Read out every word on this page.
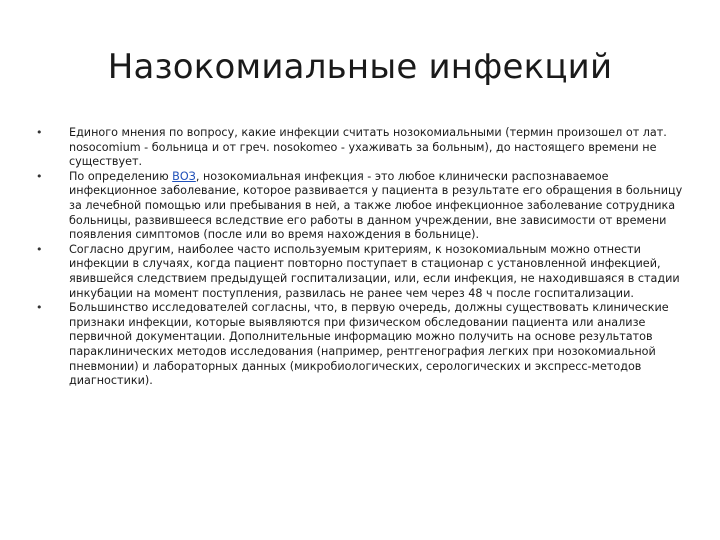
Назокомиальные инфекций
•	Единого мнения по вопросу, какие инфекции считать нозокомиальными (термин произошел от лат. nosocomium - больница и от греч. nosokomeo - ухаживать за больным), до настоящего времени не существует.
•	По определению ВОЗ, нозокомиальная инфекция - это любое клинически распознаваемое инфекционное заболевание, которое развивается у пациента в результате его обращения в больницу за лечебной помощью или пребывания в ней, а также любое инфекционное заболевание сотрудника больницы, развившееся вследствие его работы в данном учреждении, вне зависимости от времени появления симптомов (после или во время нахождения в больнице).
•	Согласно другим, наиболее часто используемым критериям, к нозокомиальным можно отнести инфекции в случаях, когда пациент повторно поступает в стационар с установленной инфекцией, явившейся следствием предыдущей госпитализации, или, если инфекция, не находившаяся в стадии инкубации на момент поступления, развилась не ранее чем через 48 ч после госпитализации.
•	Большинство исследователей согласны, что, в первую очередь, должны существовать клинические признаки инфекции, которые выявляются при физическом обследовании пациента или анализе первичной документации. Дополнительные информацию можно получить на основе результатов параклинических методов исследования (например, рентгенография легких при нозокомиальной пневмонии) и лабораторных данных (микробиологических, серологических и экспресс-методов диагностики).
